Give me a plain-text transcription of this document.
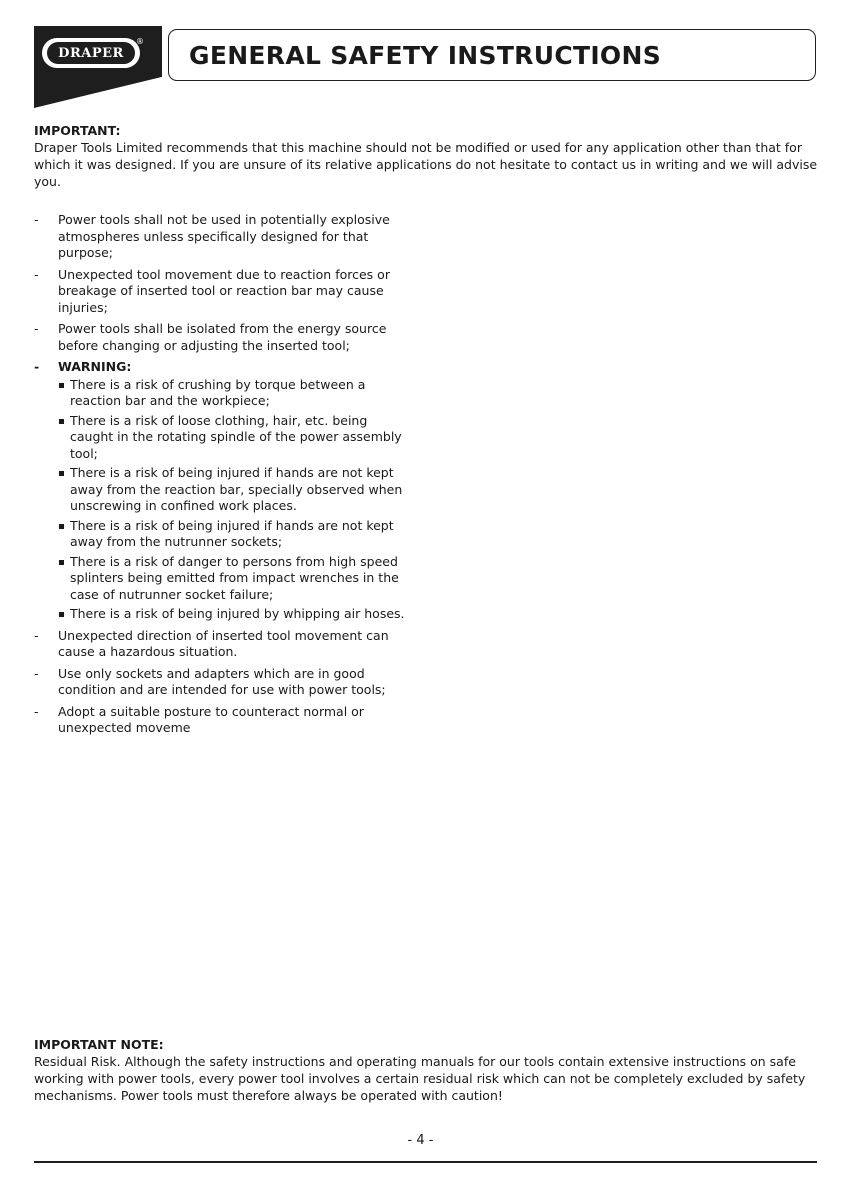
DRAPER
® GENERAL SAFETY INSTRUCTIONS
IMPORTANT:
Draper Tools Limited recommends that this machine should not be modified or used for any application other than that for which it was designed. If you are unsure of its relative applications do not hesitate to contact us in writing and we will advise you.
- Power tools shall not be used in potentially explosive atmospheres unless specifically designed for that purpose;
- Unexpected tool movement due to reaction forces or breakage of inserted tool or reaction bar may cause injuries;
- Power tools shall be isolated from the energy source before changing or adjusting the inserted tool;
- WARNING:
There is a risk of crushing by torque between a reaction bar and the workpiece;
There is a risk of loose clothing, hair, etc. being caught in the rotating spindle of the power assembly tool;
There is a risk of being injured if hands are not kept away from the reaction bar, specially observed when unscrewing in confined work places.
There is a risk of being injured if hands are not kept away from the nutrunner sockets;
There is a risk of danger to persons from high speed splinters being emitted from impact wrenches in the case of nutrunner socket failure;
There is a risk of being injured by whipping air hoses.
- Unexpected direction of inserted tool movement can cause a hazardous situation.
- Use only sockets and adapters which are in good condition and are intended for use with power tools;
- Adopt a suitable posture to counteract normal or unexpected moveme
IMPORTANT NOTE:
Residual Risk. Although the safety instructions and operating manuals for our tools contain extensive instructions on safe working with power tools, every power tool involves a certain residual risk which can not be completely excluded by safety mechanisms. Power tools must therefore always be operated with caution!
- 4 -
